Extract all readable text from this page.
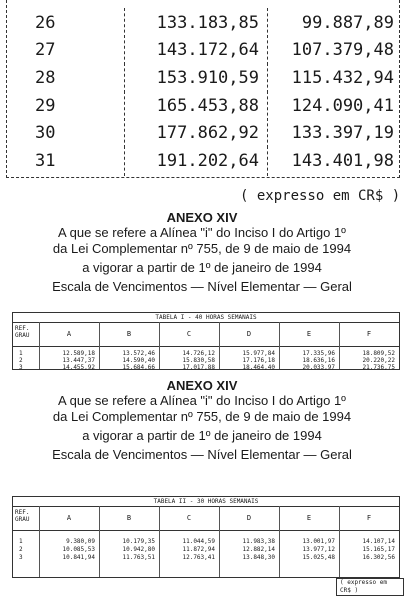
26	133.183,85	99.887,89
27	143.172,64	107.379,48
28	153.910,59	115.432,94
29	165.453,88	124.090,41
30	177.862,92	133.397,19
31	191.202,64	143.401,98
( expresso em CR$ )
ANEXO XIV
A que se refere a Alínea "i" do Inciso I do Artigo 1º
da Lei Complementar nº 755, de 9 de maio de 1994
a vigorar a partir de 1º de janeiro de 1994
Escala de Vencimentos — Nível Elementar — Geral
TABELA I - 40 HORAS SEMANAIS
REF. GRAU	A	B	C	D	E	F
1	12.589,18	13.572,46	14.726,12	15.977,84	17.335,96	18.809,52
2	13.447,37	14.590,40	15.830,58	17.176,18	18.636,16	20.220,22
3	14.455,92	15.684,66	17.017,88	18.464,40	20.033,97	21.736,75
ANEXO XIV
A que se refere a Alínea "i" do Inciso I do Artigo 1º
da Lei Complementar nº 755, de 9 de maio de 1994
a vigorar a partir de 1º de janeiro de 1994
Escala de Vencimentos — Nível Elementar — Geral
TABELA II - 30 HORAS SEMANAIS
REF. GRAU	A	B	C	D	E	F
1	9.380,09	10.179,35	11.044,59	11.983,38	13.001,97	14.107,14
2	10.085,53	10.942,80	11.872,94	12.882,14	13.977,12	15.165,17
3	10.841,94	11.763,51	12.763,41	13.848,30	15.025,48	16.302,56
( expresso em CR$ )
